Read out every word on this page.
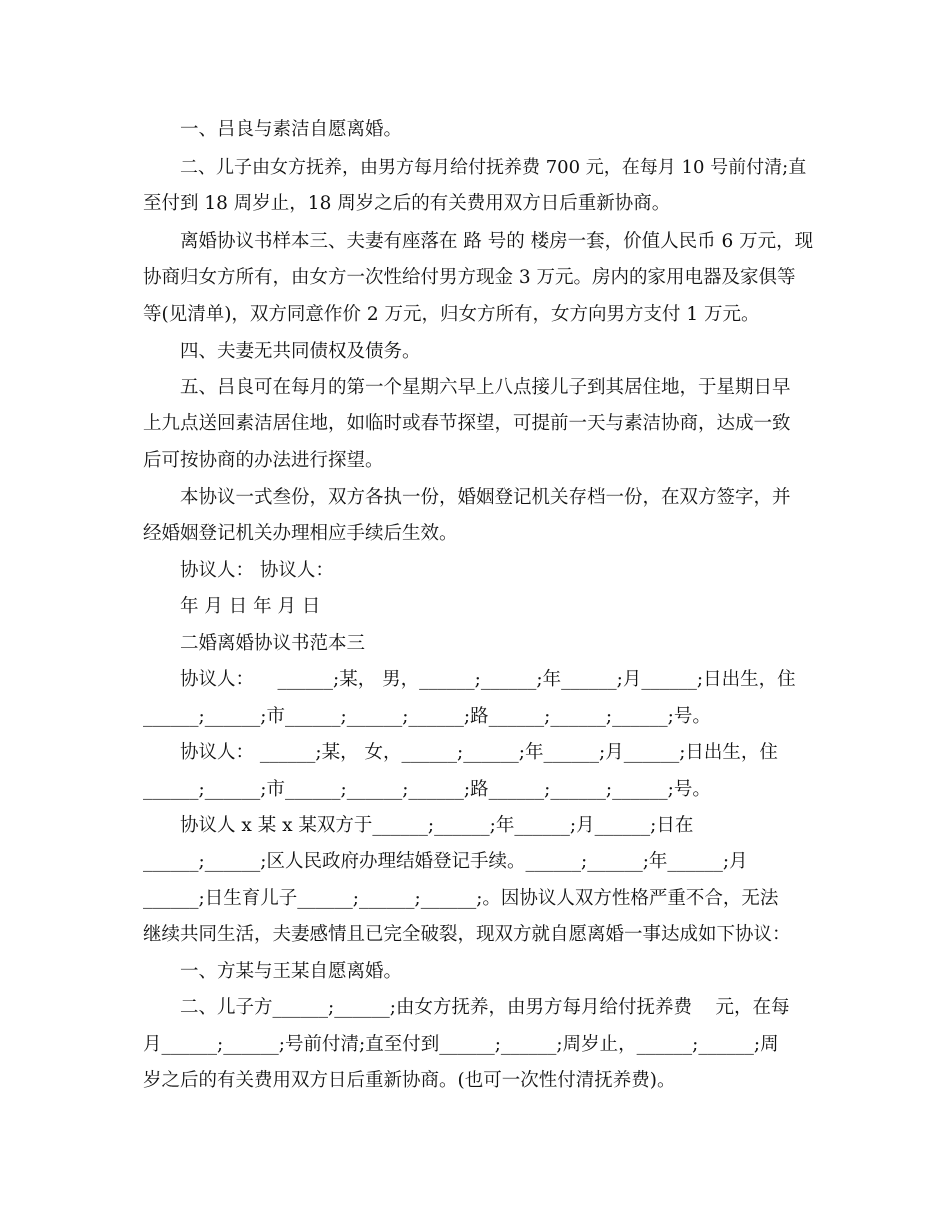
一、吕良与素洁自愿离婚。
二、儿子由女方抚养，由男方每月给付抚养费 700 元，在每月 10 号前付清;直
至付到 18 周岁止，18 周岁之后的有关费用双方日后重新协商。
离婚协议书样本三、夫妻有座落在 路 号的 楼房一套，价值人民币 6 万元，现
协商归女方所有，由女方一次性给付男方现金 3 万元。房内的家用电器及家俱等
等(见清单)，双方同意作价 2 万元，归女方所有，女方向男方支付 1 万元。
四、夫妻无共同债权及债务。
五、吕良可在每月的第一个星期六早上八点接儿子到其居住地，于星期日早
上九点送回素洁居住地，如临时或春节探望，可提前一天与素洁协商，达成一致
后可按协商的办法进行探望。
本协议一式叁份，双方各执一份，婚姻登记机关存档一份，在双方签字，并
经婚姻登记机关办理相应手续后生效。
协议人： 协议人：
年 月 日 年 月 日
二婚离婚协议书范本三
协议人：    ______;某， 男，______;______;年______;月______;日出生，住
______;______;市______;______;______;路______;______;______;号。
协议人： ______;某， 女，______;______;年______;月______;日出生，住
______;______;市______;______;______;路______;______;______;号。
协议人 x 某 x 某双方于______;______;年______;月______;日在
______;______;区人民政府办理结婚登记手续。______;______;年______;月
______;日生育儿子______;______;______;。因协议人双方性格严重不合，无法
继续共同生活，夫妻感情且已完全破裂，现双方就自愿离婚一事达成如下协议：
一、方某与王某自愿离婚。
二、儿子方______;______;由女方抚养，由男方每月给付抚养费    元，在每
月______;______;号前付清;直至付到______;______;周岁止，______;______;周
岁之后的有关费用双方日后重新协商。(也可一次性付清抚养费)。
